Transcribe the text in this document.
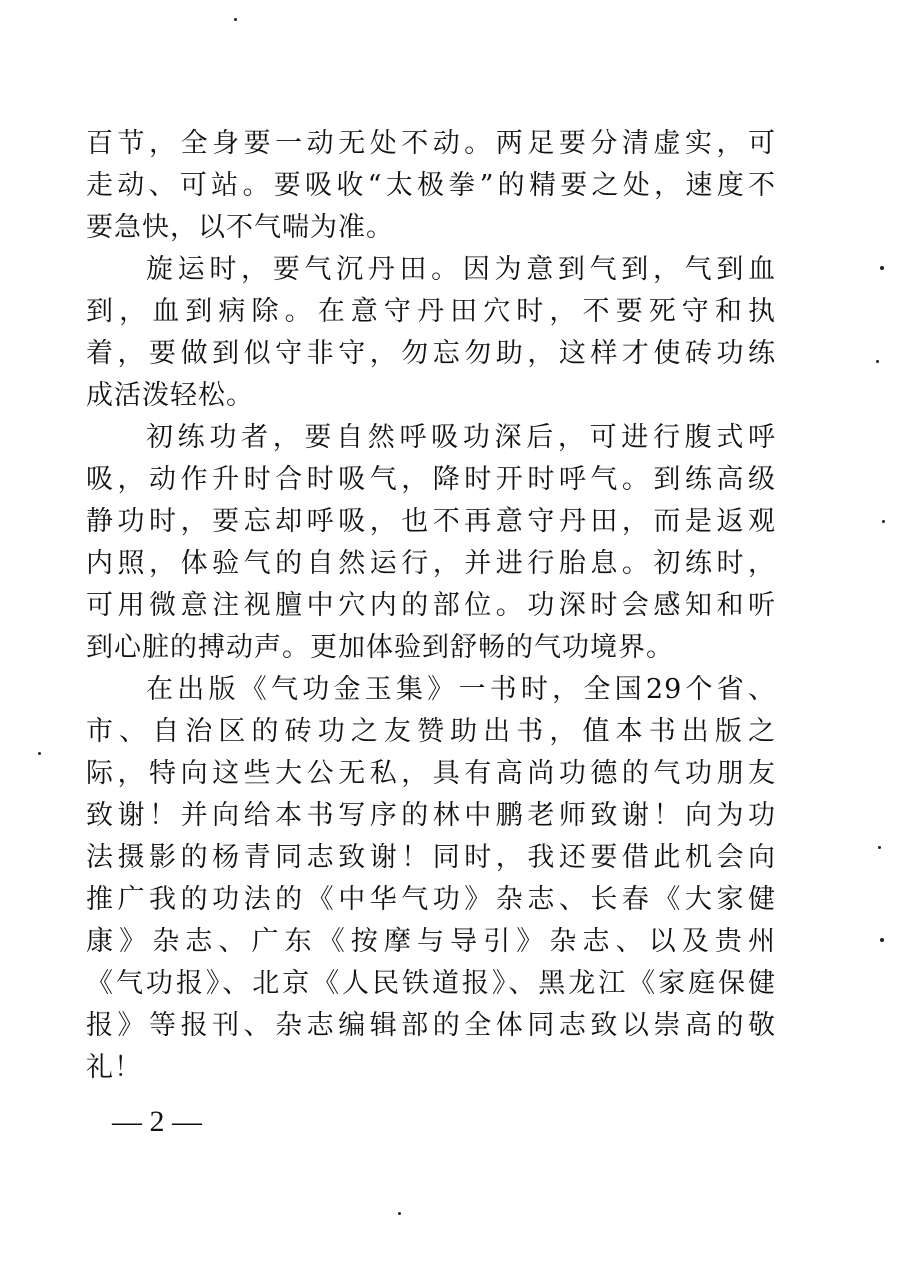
百节，全身要一动无处不动。两足要分清虚实，可
走动、可站。要吸收“太极拳”的精要之处，速度不
要急快，以不气喘为准。
旋运时，要气沉丹田。因为意到气到，气到血
到，血到病除。在意守丹田穴时，不要死守和执
着，要做到似守非守，勿忘勿助，这样才使砖功练
成活泼轻松。
初练功者，要自然呼吸功深后，可进行腹式呼
吸，动作升时合时吸气，降时开时呼气。到练高级
静功时，要忘却呼吸，也不再意守丹田，而是返观
内照，体验气的自然运行，并进行胎息。初练时，
可用微意注视膻中穴内的部位。功深时会感知和听
到心脏的搏动声。更加体验到舒畅的气功境界。
在出版《气功金玉集》一书时，全国29个省、
市、自治区的砖功之友赞助出书，值本书出版之
际，特向这些大公无私，具有高尚功德的气功朋友
致谢！并向给本书写序的林中鹏老师致谢！向为功
法摄影的杨青同志致谢！同时，我还要借此机会向
推广我的功法的《中华气功》杂志、长春《大家健
康》杂志、广东《按摩与导引》杂志、以及贵州
《气功报》、北京《人民铁道报》、黑龙江《家庭保健
报》等报刊、杂志编辑部的全体同志致以崇高的敬
礼！
— 2 —
